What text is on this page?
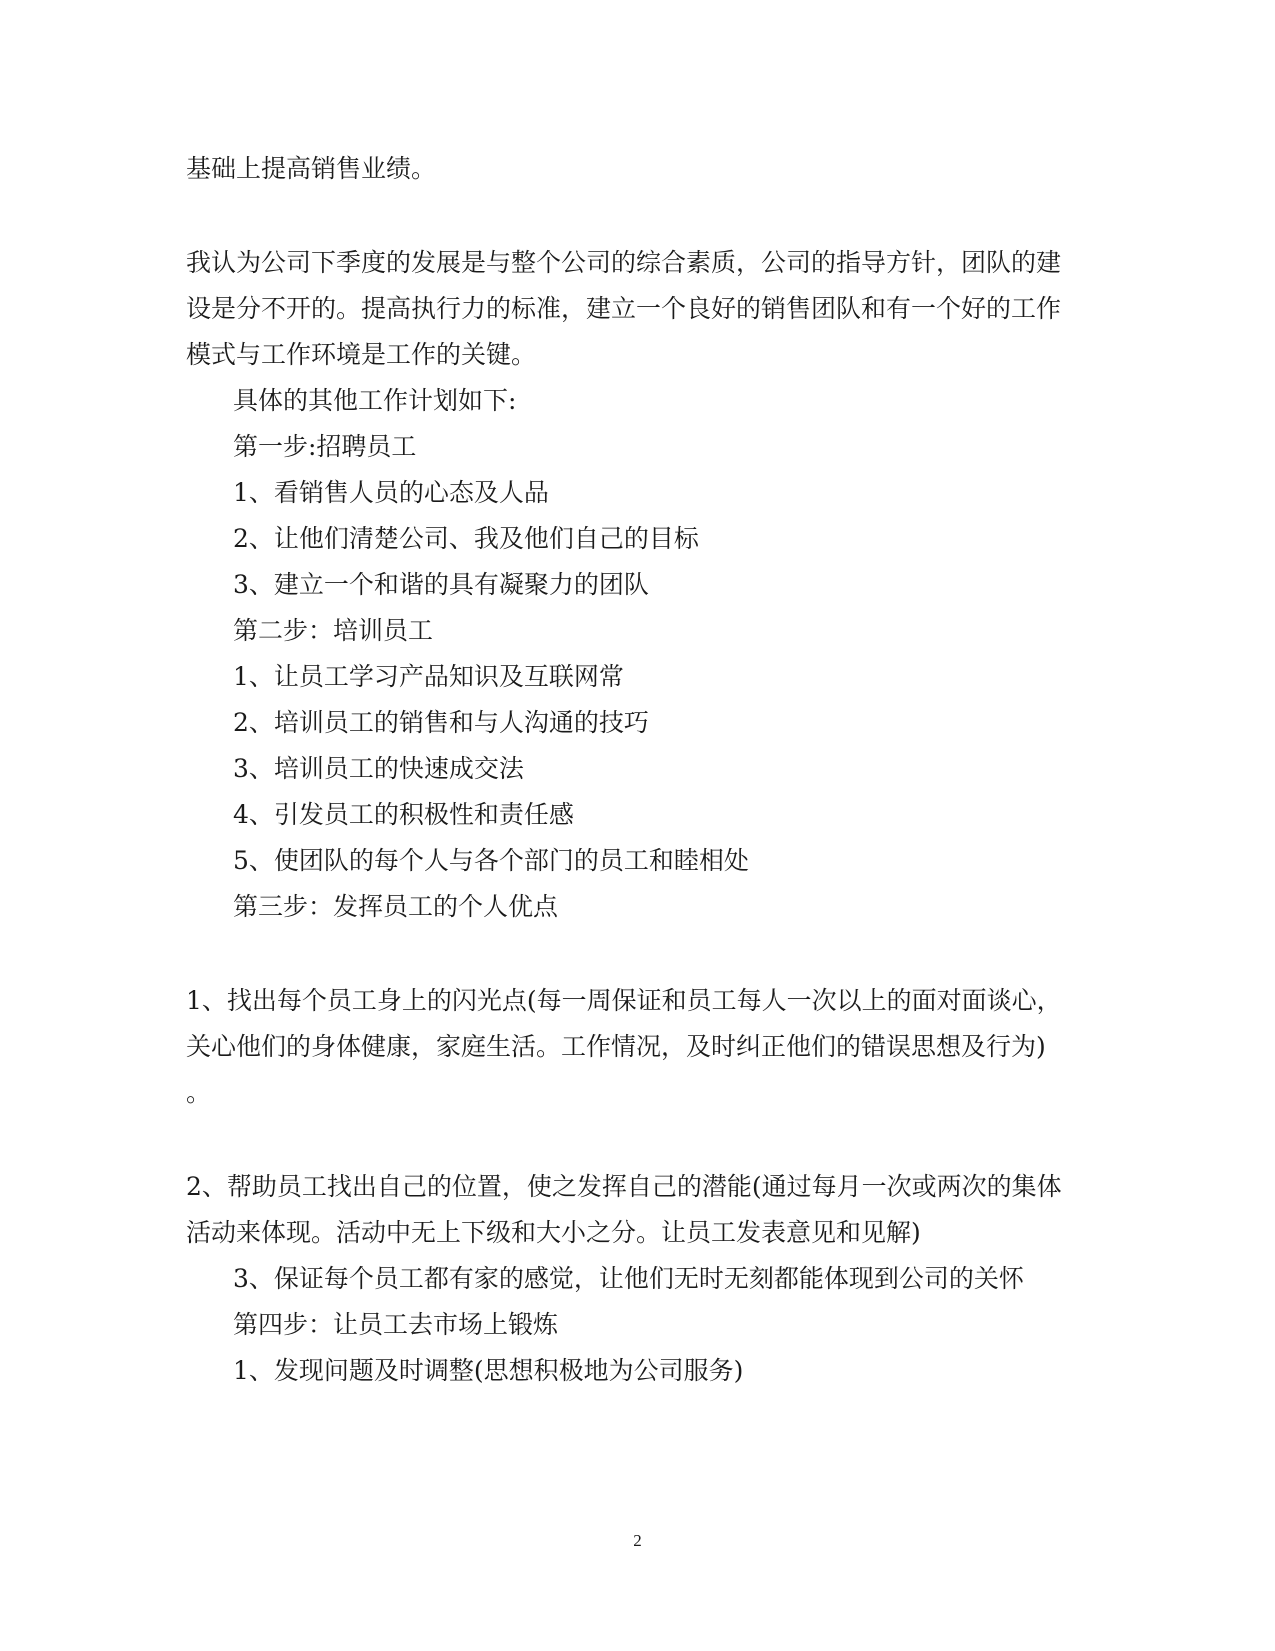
基础上提高销售业绩。

我认为公司下季度的发展是与整个公司的综合素质，公司的指导方针，团队的建

设是分不开的。提高执行力的标准，建立一个良好的销售团队和有一个好的工作

模式与工作环境是工作的关键。

具体的其他工作计划如下:

第一步:招聘员工

1、看销售人员的心态及人品

2、让他们清楚公司、我及他们自己的目标

3、建立一个和谐的具有凝聚力的团队

第二步：培训员工

1、让员工学习产品知识及互联网常

2、培训员工的销售和与人沟通的技巧

3、培训员工的快速成交法

4、引发员工的积极性和责任感

5、使团队的每个人与各个部门的员工和睦相处

第三步：发挥员工的个人优点

1、找出每个员工身上的闪光点(每一周保证和员工每人一次以上的面对面谈心，

关心他们的身体健康，家庭生活。工作情况，及时纠正他们的错误思想及行为)

。

2、帮助员工找出自己的位置，使之发挥自己的潜能(通过每月一次或两次的集体

活动来体现。活动中无上下级和大小之分。让员工发表意见和见解)

3、保证每个员工都有家的感觉，让他们无时无刻都能体现到公司的关怀

第四步：让员工去市场上锻炼

1、发现问题及时调整(思想积极地为公司服务)

2
